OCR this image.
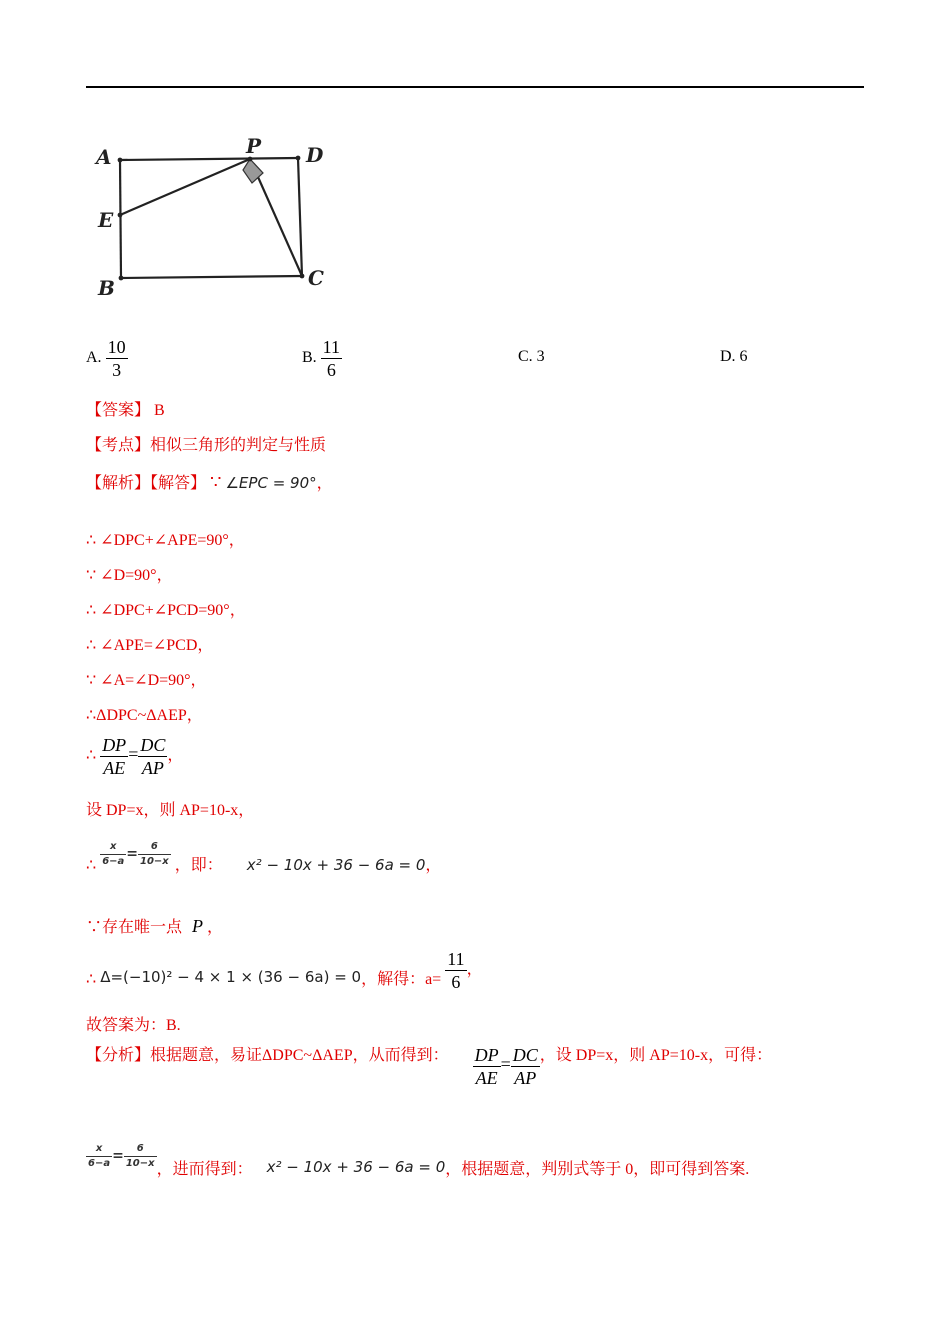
A	P D
E
B	C
A. $\frac{10}{3}$	B. $\frac{11}{6}$	C. 3	D. 6
【答案】 B
【考点】相似三角形的判定与性质
【解析】【解答】 ∵ ∠EPC = 90°，
∴ ∠DPC+∠APE=90°，
∵ ∠D=90°，
∴ ∠DPC+∠PCD=90°，
∴ ∠APE=∠PCD，
∵ ∠A=∠D=90°，
∴ΔDPC~ΔAEP，
∴ $\frac{DP}{AE} = \frac{DC}{AP}$ ，
设 DP=x，则 AP=10-x，
∴ $\frac{x}{6-a} = \frac{6}{10-x}$ ，即： x² − 10x + 36 − 6a = 0，
∵存在唯一点 P ，
∴ Δ=(−10)² − 4 × 1 × (36 − 6a) = 0，解得：$a= \frac{11}{6}$ ，
故答案为：B.
【分析】根据题意，易证ΔDPC~ΔAEP，从而得到： $\frac{DP}{AE} = \frac{DC}{AP}$ ，设 DP=x，则 AP=10-x，可得：
$\frac{x}{6-a} = \frac{6}{10-x}$
，进而得到： x² − 10x + 36 − 6a = 0，根据题意，判别式等于 0，即可得到答案.
